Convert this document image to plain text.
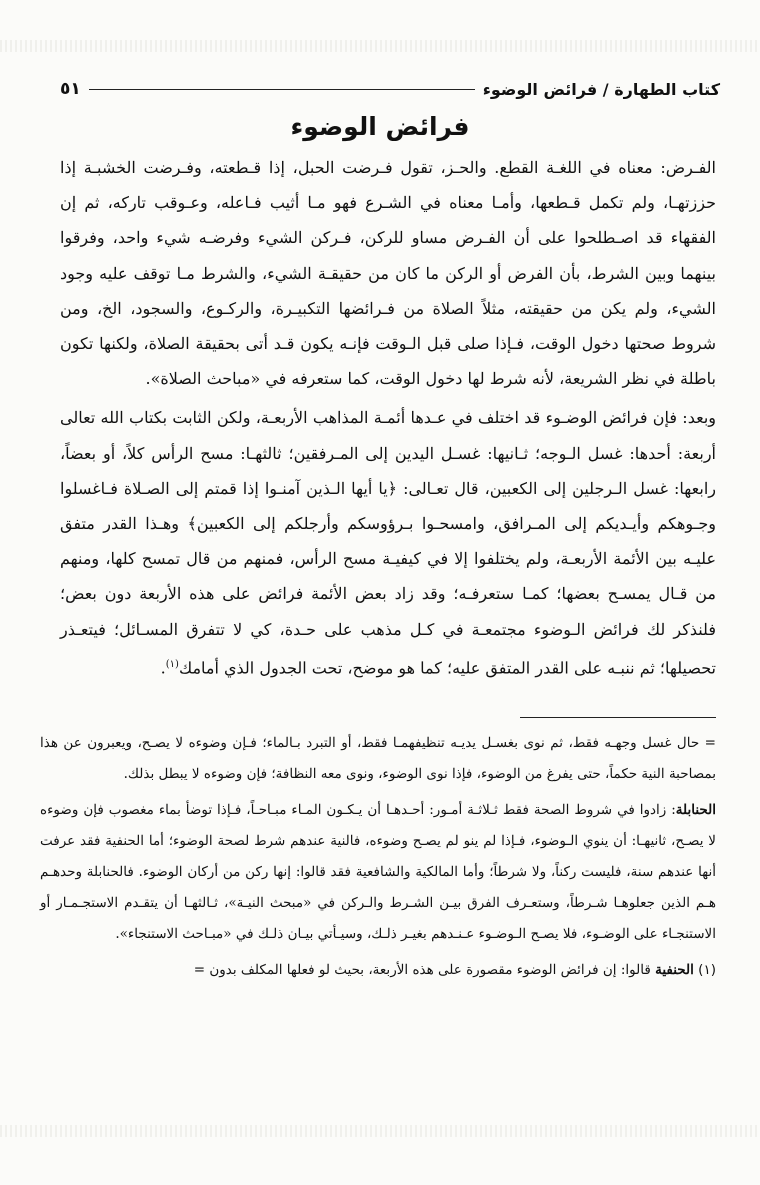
كتاب الطهارة / فرائض الوضوء
٥١
فرائض الوضوء

الفـرض: معناه في اللغـة القطع. والحـز، تقول فـرضت الحبل، إذا قـطعته، وفـرضت الخشبـة إذا حززتهـا، ولم تكمل قـطعها، وأمـا معناه في الشـرع فهو مـا أثيب فـاعله، وعـوقب تاركه، ثم إن الفقهاء قد اصـطلحوا على أن الفـرض مساو للركن، فـركن الشيء وفرضـه شيء واحد، وفرقوا بينهما وبين الشرط، بأن الفرض أو الركن ما كان من حقيقـة الشيء، والشرط مـا توقف عليه وجود الشيء، ولم يكن من حقيقته، مثلاً الصلاة من فـرائضها التكبيـرة، والركـوع، والسجود، الخ، ومن شروط صحتها دخول الوقت، فـإذا صلى قبل الـوقت فإنـه يكون قـد أتى بحقيقة الصلاة، ولكنها تكون باطلة في نظر الشريعة، لأنه شرط لها دخول الوقت، كما ستعرفه في «مباحث الصلاة».

وبعد: فإن فرائض الوضـوء قد اختلف في عـدها أئمـة المذاهب الأربعـة، ولكن الثابت بكتاب الله تعالى أربعة: أحدها: غسل الـوجه؛ ثـانيها: غسـل اليدين إلى المـرفقين؛ ثالثهـا: مسح الرأس كلاً، أو بعضاً، رابعها: غسل الـرجلين إلى الكعبين، قال تعـالى: ﴿يا أيها الـذين آمنـوا إذا قمتم إلى الصـلاة فـاغسلوا وجـوهكم وأيـديكم إلى المـرافق، وامسحـوا بـرؤوسكم وأرجلكم إلى الكعبين﴾ وهـذا القدر متفق عليـه بين الأئمة الأربعـة، ولم يختلفوا إلا في كيفيـة مسح الرأس، فمنهم من قال تمسح كلها، ومنهم من قـال يمسـح بعضها؛ كمـا ستعرفـه؛ وقد زاد بعض الأئمة فرائض على هذه الأربعة دون بعض؛ فلنذكر لك فرائض الـوضوء مجتمعـة في كـل مذهب على حـدة، كي لا تتفرق المسـائل؛ فيتعـذر تحصيلها؛ ثم ننبـه على القدر المتفق عليه؛ كما هو موضح، تحت الجدول الذي أمامك$^{(١)}$.

= حال غسل وجهـه فقط، ثم نوى بغسـل يديـه تنظيفهمـا فقط، أو التبرد بـالماء؛ فـإن وضوءه لا يصـح، ويعبرون عن هذا بمصاحبة النية حكماً، حتى يفرغ من الوضوء، فإذا نوى الوضوء، ونوى معه النظافة؛ فإن وضوءه لا يبطل بذلك.

الحنابلة: زادوا في شروط الصحة فقط ثـلاثـة أمـور: أحـدهـا أن يـكـون المـاء مبـاحـاً، فـإذا توضأ بماء مغصوب فإن وضوءه لا يصـح، ثانيهـا: أن ينوي الـوضوء، فـإذا لم ينو لم يصـح وضوءه، فالنية عندهم شرط لصحة الوضوء؛ أما الحنفية فقد عرفت أنها عندهم سنة، فليست ركناً، ولا شرطاً؛ وأما المالكية والشافعية فقد قالوا: إنها ركن من أركان الوضوء. فالحنابلة وحدهـم هـم الذين جعلوهـا شـرطاً، وستعـرف الفرق بيـن الشـرط والـركن في «مبحث النيـة»، ثـالثهـا أن يتقـدم الاستجـمـار أو الاستنجـاء على الوضـوء، فلا يصـح الـوضـوء عـنـدهم بغيـر ذلـك، وسيـأتي بيـان ذلـك في «مبـاحث الاستنجاء».

(١) الحنفية قالوا: إن فرائض الوضوء مقصورة على هذه الأربعة، بحيث لو فعلها المكلف بدون =
